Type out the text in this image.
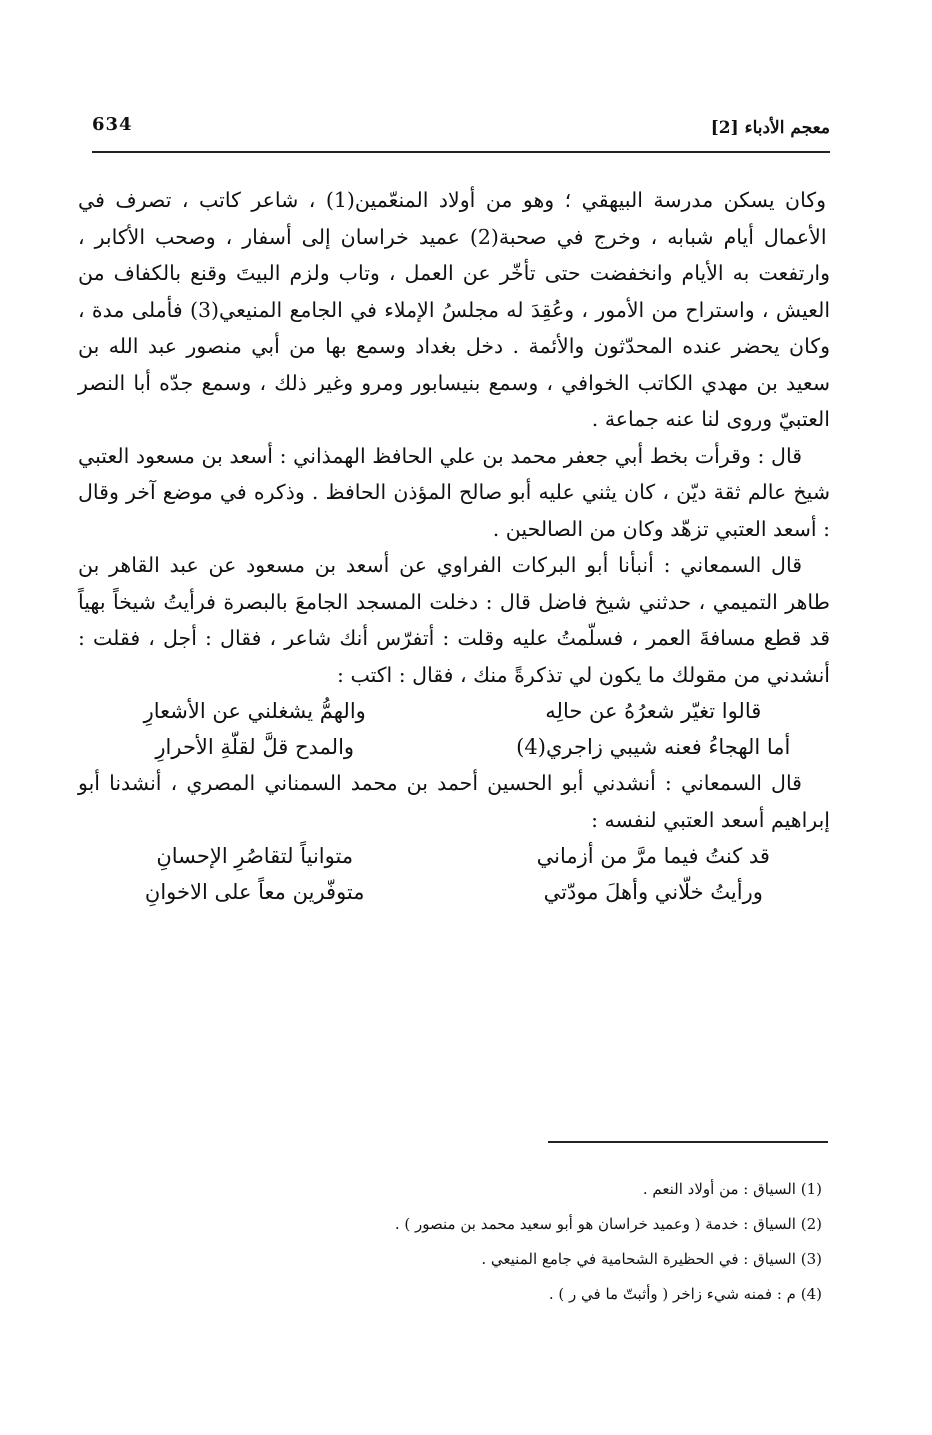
معجم الأدباء [2]
634

وكان يسكن مدرسة البيهقي ؛ وهو من أولاد المنعّمين(1) ، شاعر كاتب ، تصرف في الأعمال أيام شبابه ، وخرج في صحبة(2) عميد خراسان إلى أسفار ، وصحب الأكابر ، وارتفعت به الأيام وانخفضت حتى تأخّر عن العمل ، وتاب ولزم البيتَ وقنع بالكفاف من العيش ، واستراح من الأمور ، وعُقِدَ له مجلسُ الإملاء في الجامع المنيعي(3) فأملى مدة ، وكان يحضر عنده المحدّثون والأئمة . دخل بغداد وسمع بها من أبي منصور عبد الله بن سعيد بن مهدي الكاتب الخوافي ، وسمع بنيسابور ومرو وغير ذلك ، وسمع جدّه أبا النصر العتبيّ وروى لنا عنه جماعة .

قال : وقرأت بخط أبي جعفر محمد بن علي الحافظ الهمذاني : أسعد بن مسعود العتبي شيخ عالم ثقة ديّن ، كان يثني عليه أبو صالح المؤذن الحافظ . وذكره في موضع آخر وقال : أسعد العتبي تزهّد وكان من الصالحين .

قال السمعاني : أنبأنا أبو البركات الفراوي عن أسعد بن مسعود عن عبد القاهر بن طاهر التميمي ، حدثني شيخ فاضل قال : دخلت المسجد الجامعَ بالبصرة فرأيتُ شيخاً بهياً قد قطع مسافةَ العمر ، فسلّمتُ عليه وقلت : أتفرّس أنك شاعر ، فقال : أجل ، فقلت : أنشدني من مقولك ما يكون لي تذكرةً منك ، فقال : اكتب :

قالوا تغيّر شعرُهُ عن حالِه
والهمُّ يشغلني عن الأشعارِ
أما الهجاءُ فعنه شيبي زاجري(4)
والمدح قلَّ لقلّةِ الأحرارِ

قال السمعاني : أنشدني أبو الحسين أحمد بن محمد السمناني المصري ، أنشدنا أبو إبراهيم أسعد العتبي لنفسه :

قد كنتُ فيما مرَّ من أزماني
متوانياً لتقاصُرِ الإحسانِ
ورأيتُ خلّاني وأهلَ مودّتي
متوفّرين معاً على الاخوانِ

(1) السياق : من أولاد النعم .

(2) السياق : خدمة ( وعميد خراسان هو أبو سعيد محمد بن منصور ) .

(3) السياق : في الحظيرة الشحامية في جامع المنيعي .

(4) م : فمنه شيء زاخر ( وأثبتّ ما في ر ) .
